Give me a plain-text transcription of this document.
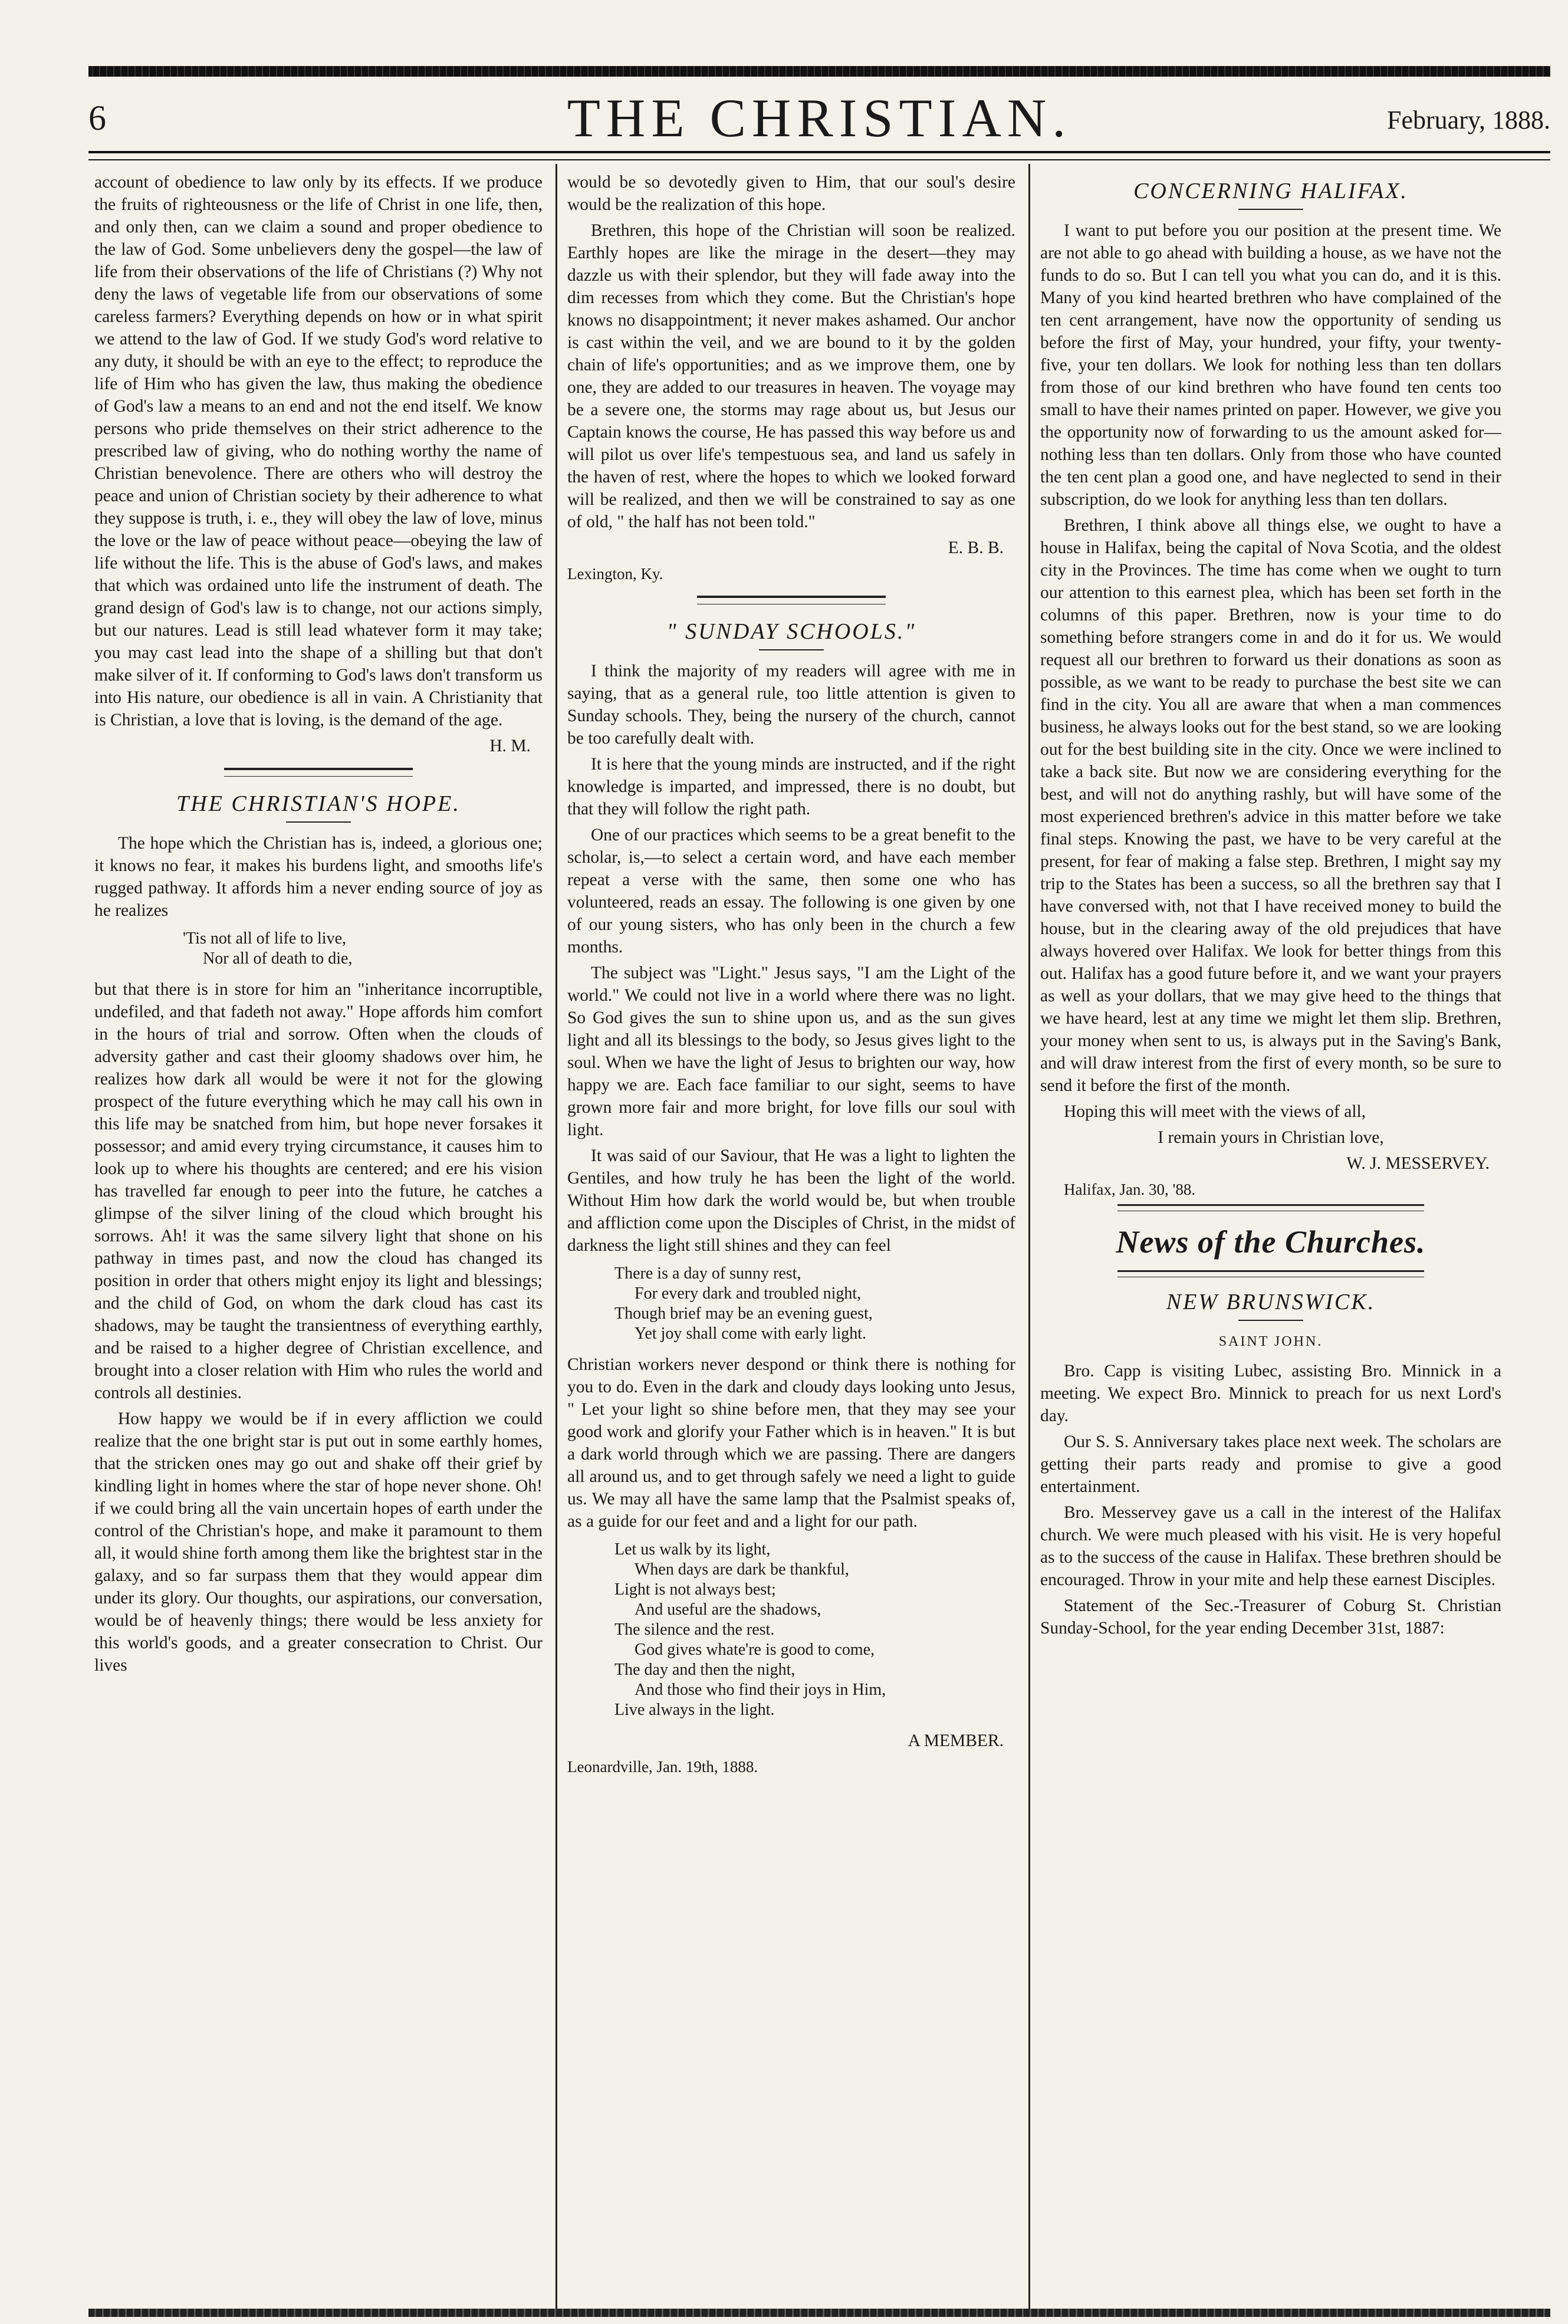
6	THE CHRISTIAN.	February, 1888.

account of obedience to law only by its effects. If we produce the fruits of righteousness or the life of Christ in one life, then, and only then, can we claim a sound and proper obedience to the law of God. Some unbelievers deny the gospel—the law of life from their observations of the life of Christians (?) Why not deny the laws of vegetable life from our observations of some careless farmers? Everything depends on how or in what spirit we attend to the law of God. If we study God's word relative to any duty, it should be with an eye to the effect; to reproduce the life of Him who has given the law, thus making the obedience of God's law a means to an end and not the end itself. We know persons who pride themselves on their strict adherence to the prescribed law of giving, who do nothing worthy the name of Christian benevolence. There are others who will destroy the peace and union of Christian society by their adherence to what they suppose is truth, i. e., they will obey the law of love, minus the love or the law of peace without peace—obeying the law of life without the life. This is the abuse of God's laws, and makes that which was ordained unto life the instrument of death. The grand design of God's law is to change, not our actions simply, but our natures. Lead is still lead whatever form it may take; you may cast lead into the shape of a shilling but that don't make silver of it. If conforming to God's laws don't transform us into His nature, our obedience is all in vain. A Christianity that is Christian, a love that is loving, is the demand of the age.

H. M.

THE CHRISTIAN'S HOPE.

The hope which the Christian has is, indeed, a glorious one; it knows no fear, it makes his burdens light, and smooths life's rugged pathway. It affords him a never ending source of joy as he realizes

'Tis not all of life to live,
Nor all of death to die,

but that there is in store for him an "inheritance incorruptible, undefiled, and that fadeth not away." Hope affords him comfort in the hours of trial and sorrow. Often when the clouds of adversity gather and cast their gloomy shadows over him, he realizes how dark all would be were it not for the glowing prospect of the future everything which he may call his own in this life may be snatched from him, but hope never forsakes it possessor; and amid every trying circumstance, it causes him to look up to where his thoughts are centered; and ere his vision has travelled far enough to peer into the future, he catches a glimpse of the silver lining of the cloud which brought his sorrows. Ah! it was the same silvery light that shone on his pathway in times past, and now the cloud has changed its position in order that others might enjoy its light and blessings; and the child of God, on whom the dark cloud has cast its shadows, may be taught the transientness of everything earthly, and be raised to a higher degree of Christian excellence, and brought into a closer relation with Him who rules the world and controls all destinies.

How happy we would be if in every affliction we could realize that the one bright star is put out in some earthly homes, that the stricken ones may go out and shake off their grief by kindling light in homes where the star of hope never shone. Oh! if we could bring all the vain uncertain hopes of earth under the control of the Christian's hope, and make it paramount to them all, it would shine forth among them like the brightest star in the galaxy, and so far surpass them that they would appear dim under its glory. Our thoughts, our aspirations, our conversation, would be of heavenly things; there would be less anxiety for this world's goods, and a greater consecration to Christ. Our lives

would be so devotedly given to Him, that our soul's desire would be the realization of this hope.

Brethren, this hope of the Christian will soon be realized. Earthly hopes are like the mirage in the desert—they may dazzle us with their splendor, but they will fade away into the dim recesses from which they come. But the Christian's hope knows no disappointment; it never makes ashamed. Our anchor is cast within the veil, and we are bound to it by the golden chain of life's opportunities; and as we improve them, one by one, they are added to our treasures in heaven. The voyage may be a severe one, the storms may rage about us, but Jesus our Captain knows the course, He has passed this way before us and will pilot us over life's tempestuous sea, and land us safely in the haven of rest, where the hopes to which we looked forward will be realized, and then we will be constrained to say as one of old, " the half has not been told."

E. B. B.

Lexington, Ky.

" SUNDAY SCHOOLS."

I think the majority of my readers will agree with me in saying, that as a general rule, too little attention is given to Sunday schools. They, being the nursery of the church, cannot be too carefully dealt with.

It is here that the young minds are instructed, and if the right knowledge is imparted, and impressed, there is no doubt, but that they will follow the right path.

One of our practices which seems to be a great benefit to the scholar, is,—to select a certain word, and have each member repeat a verse with the same, then some one who has volunteered, reads an essay. The following is one given by one of our young sisters, who has only been in the church a few months.

The subject was "Light." Jesus says, "I am the Light of the world." We could not live in a world where there was no light. So God gives the sun to shine upon us, and as the sun gives light and all its blessings to the body, so Jesus gives light to the soul. When we have the light of Jesus to brighten our way, how happy we are. Each face familiar to our sight, seems to have grown more fair and more bright, for love fills our soul with light.

It was said of our Saviour, that He was a light to lighten the Gentiles, and how truly he has been the light of the world. Without Him how dark the world would be, but when trouble and affliction come upon the Disciples of Christ, in the midst of darkness the light still shines and they can feel

There is a day of sunny rest,
For every dark and troubled night,
Though brief may be an evening guest,
Yet joy shall come with early light.

Christian workers never despond or think there is nothing for you to do. Even in the dark and cloudy days looking unto Jesus, " Let your light so shine before men, that they may see your good work and glorify your Father which is in heaven." It is but a dark world through which we are passing. There are dangers all around us, and to get through safely we need a light to guide us. We may all have the same lamp that the Psalmist speaks of, as a guide for our feet and and a light for our path.

Let us walk by its light,
When days are dark be thankful,
Light is not always best;
And useful are the shadows,
The silence and the rest.
God gives whate're is good to come,
The day and then the night,
And those who find their joys in Him,
Live always in the light.

A MEMBER.

Leonardville, Jan. 19th, 1888.

CONCERNING HALIFAX.

I want to put before you our position at the present time. We are not able to go ahead with building a house, as we have not the funds to do so. But I can tell you what you can do, and it is this. Many of you kind hearted brethren who have complained of the ten cent arrangement, have now the opportunity of sending us before the first of May, your hundred, your fifty, your twenty-five, your ten dollars. We look for nothing less than ten dollars from those of our kind brethren who have found ten cents too small to have their names printed on paper. However, we give you the opportunity now of forwarding to us the amount asked for—nothing less than ten dollars. Only from those who have counted the ten cent plan a good one, and have neglected to send in their subscription, do we look for anything less than ten dollars.

Brethren, I think above all things else, we ought to have a house in Halifax, being the capital of Nova Scotia, and the oldest city in the Provinces. The time has come when we ought to turn our attention to this earnest plea, which has been set forth in the columns of this paper. Brethren, now is your time to do something before strangers come in and do it for us. We would request all our brethren to forward us their donations as soon as possible, as we want to be ready to purchase the best site we can find in the city. You all are aware that when a man commences business, he always looks out for the best stand, so we are looking out for the best building site in the city. Once we were inclined to take a back site. But now we are considering everything for the best, and will not do anything rashly, but will have some of the most experienced brethren's advice in this matter before we take final steps. Knowing the past, we have to be very careful at the present, for fear of making a false step. Brethren, I might say my trip to the States has been a success, so all the brethren say that I have conversed with, not that I have received money to build the house, but in the clearing away of the old prejudices that have always hovered over Halifax. We look for better things from this out. Halifax has a good future before it, and we want your prayers as well as your dollars, that we may give heed to the things that we have heard, lest at any time we might let them slip. Brethren, your money when sent to us, is always put in the Saving's Bank, and will draw interest from the first of every month, so be sure to send it before the first of the month.

Hoping this will meet with the views of all,

I remain yours in Christian love,

W. J. MESSERVEY.

Halifax, Jan. 30, '88.

News of the Churches.
NEW BRUNSWICK.
SAINT JOHN.

Bro. Capp is visiting Lubec, assisting Bro. Minnick in a meeting. We expect Bro. Minnick to preach for us next Lord's day.

Our S. S. Anniversary takes place next week. The scholars are getting their parts ready and promise to give a good entertainment.

Bro. Messervey gave us a call in the interest of the Halifax church. We were much pleased with his visit. He is very hopeful as to the success of the cause in Halifax. These brethren should be encouraged. Throw in your mite and help these earnest Disciples.

Statement of the Sec.-Treasurer of Coburg St. Christian Sunday-School, for the year ending December 31st, 1887:
